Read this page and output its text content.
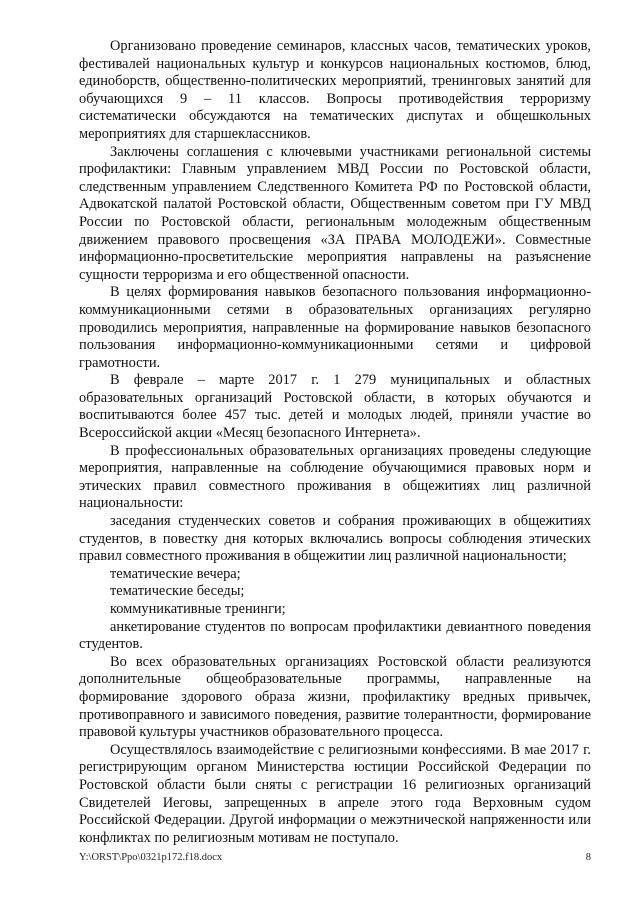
Организовано проведение семинаров, классных часов, тематических уроков, фестивалей национальных культур и конкурсов национальных костюмов, блюд, единоборств, общественно-политических мероприятий, тренинговых занятий для обучающихся 9 – 11 классов. Вопросы противодействия терроризму систематически обсуждаются на тематических диспутах и общешкольных мероприятиях для старшеклассников.

Заключены соглашения с ключевыми участниками региональной системы профилактики: Главным управлением МВД России по Ростовской области, следственным управлением Следственного Комитета РФ по Ростовской области, Адвокатской палатой Ростовской области, Общественным советом при ГУ МВД России по Ростовской области, региональным молодежным общественным движением правового просвещения «ЗА ПРАВА МОЛОДЕЖИ». Совместные информационно-просветительские мероприятия направлены на разъяснение сущности терроризма и его общественной опасности.

В целях формирования навыков безопасного пользования информационно-коммуникационными сетями в образовательных организациях регулярно проводились мероприятия, направленные на формирование навыков безопасного пользования информационно-коммуникационными сетями и цифровой грамотности.

В феврале – марте 2017 г. 1 279 муниципальных и областных образовательных организаций Ростовской области, в которых обучаются и воспитываются более 457 тыс. детей и молодых людей, приняли участие во Всероссийской акции «Месяц безопасного Интернета».

В профессиональных образовательных организациях проведены следующие мероприятия, направленные на соблюдение обучающимися правовых норм и этических правил совместного проживания в общежитиях лиц различной национальности:

заседания студенческих советов и собрания проживающих в общежитиях студентов, в повестку дня которых включались вопросы соблюдения этических правил совместного проживания в общежитии лиц различной национальности;

тематические вечера;

тематические беседы;

коммуникативные тренинги;

анкетирование студентов по вопросам профилактики девиантного поведения студентов.

Во всех образовательных организациях Ростовской области реализуются дополнительные общеобразовательные программы, направленные на формирование здорового образа жизни, профилактику вредных привычек, противоправного и зависимого поведения, развитие толерантности, формирование правовой культуры участников образовательного процесса.

Осуществлялось взаимодействие с религиозными конфессиями. В мае 2017 г. регистрирующим органом Министерства юстиции Российской Федерации по Ростовской области были сняты с регистрации 16 религиозных организаций Свидетелей Иеговы, запрещенных в апреле этого года Верховным судом Российской Федерации. Другой информации о межэтнической напряженности или конфликтах по религиозным мотивам не поступало.

Y:\ORST\Ppo\0321p172.f18.docx	8
